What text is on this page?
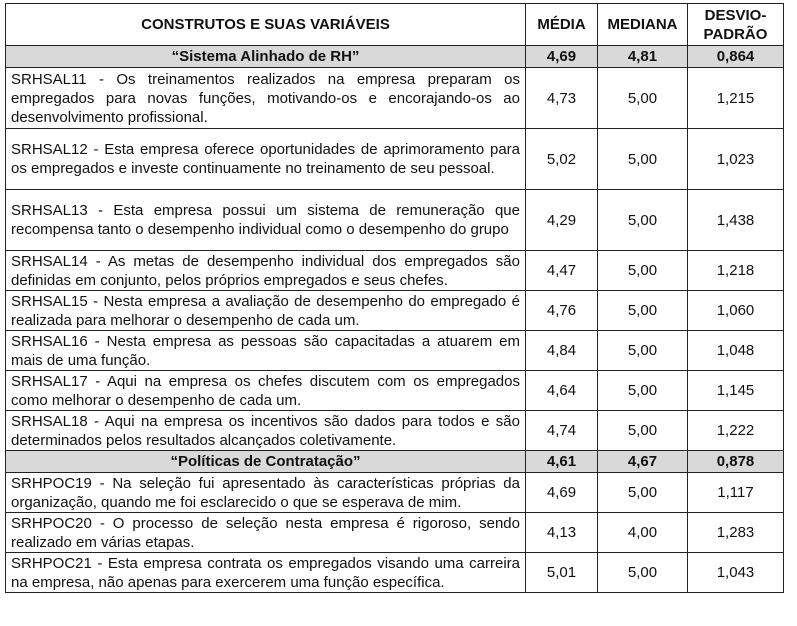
CONSTRUTOS E SUAS VARIÁVEIS	MÉDIA	MEDIANA	DESVIO-PADRÃO
“Sistema Alinhado de RH”	4,69	4,81	0,864
SRHSAL11 - Os treinamentos realizados na empresa preparam os empregados para novas funções, motivando-os e encorajando-os ao desenvolvimento profissional.	4,73	5,00	1,215
SRHSAL12 - Esta empresa oferece oportunidades de aprimoramento para os empregados e investe continuamente no treinamento de seu pessoal.	5,02	5,00	1,023
SRHSAL13 - Esta empresa possui um sistema de remuneração que recompensa tanto o desempenho individual como o desempenho do grupo	4,29	5,00	1,438
SRHSAL14 - As metas de desempenho individual dos empregados são definidas em conjunto, pelos próprios empregados e seus chefes.	4,47	5,00	1,218
SRHSAL15 - Nesta empresa a avaliação de desempenho do empregado é realizada para melhorar o desempenho de cada um.	4,76	5,00	1,060
SRHSAL16 - Nesta empresa as pessoas são capacitadas a atuarem em mais de uma função.	4,84	5,00	1,048
SRHSAL17 - Aqui na empresa os chefes discutem com os empregados como melhorar o desempenho de cada um.	4,64	5,00	1,145
SRHSAL18 - Aqui na empresa os incentivos são dados para todos e são determinados pelos resultados alcançados coletivamente.	4,74	5,00	1,222
“Políticas de Contratação”	4,61	4,67	0,878
SRHPOC19 - Na seleção fui apresentado às características próprias da organização, quando me foi esclarecido o que se esperava de mim.	4,69	5,00	1,117
SRHPOC20 - O processo de seleção nesta empresa é rigoroso, sendo realizado em várias etapas.	4,13	4,00	1,283
SRHPOC21 - Esta empresa contrata os empregados visando uma carreira na empresa, não apenas para exercerem uma função específica.	5,01	5,00	1,043
